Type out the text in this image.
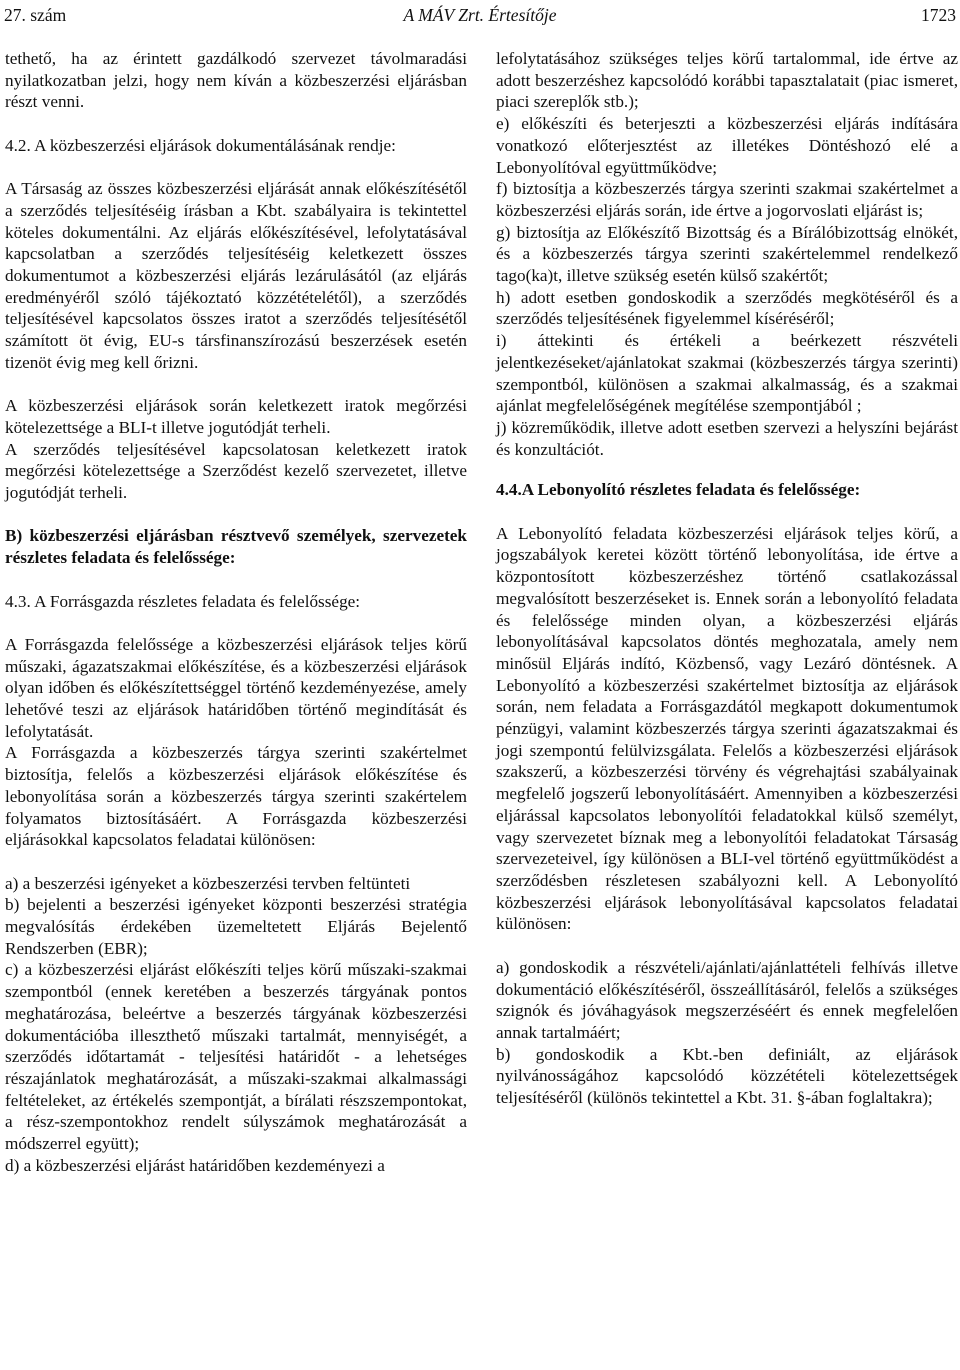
27. szám	A MÁV Zrt. Értesítője	1723

tethető, ha az érintett gazdálkodó szervezet távolmaradási nyilatkozatban jelzi, hogy nem kíván a közbeszerzési eljárásban részt venni.

4.2. A közbeszerzési eljárások dokumentálásának rendje:

A Társaság az összes közbeszerzési eljárását annak előkészítésétől a szerződés teljesítéséig írásban a Kbt. szabályaira is tekintettel köteles dokumentálni. Az eljárás előkészítésével, lefolytatásával kapcsolatban a szerződés teljesítéséig keletkezett összes dokumentumot a közbeszerzési eljárás lezárulásától (az eljárás eredményéről szóló tájékoztató közzétételétől), a szerződés teljesítésével kapcsolatos összes iratot a szerződés teljesítésétől számított öt évig, EU-s társfinanszírozású beszerzések esetén tizenöt évig meg kell őrizni.

A közbeszerzési eljárások során keletkezett iratok megőrzési kötelezettsége a BLI-t illetve jogutódját terheli.

A szerződés teljesítésével kapcsolatosan keletkezett iratok megőrzési kötelezettsége a Szerződést kezelő szervezetet, illetve jogutódját terheli.

B) közbeszerzési eljárásban résztvevő személyek, szervezetek részletes feladata és felelőssége:

4.3. A Forrásgazda részletes feladata és felelőssége:

A Forrásgazda felelőssége a közbeszerzési eljárások teljes körű műszaki, ágazatszakmai előkészítése, és a közbeszerzési eljárások olyan időben és előkészítettséggel történő kezdeményezése, amely lehetővé teszi az eljárások határidőben történő megindítását és lefolytatását.

A Forrásgazda a közbeszerzés tárgya szerinti szakértelmet biztosítja, felelős a közbeszerzési eljárások előkészítése és lebonyolítása során a közbeszerzés tárgya szerinti szakértelem folyamatos biztosításáért. A Forrásgazda közbeszerzési eljárásokkal kapcsolatos feladatai különösen:

a) a beszerzési igényeket a közbeszerzési tervben feltünteti

b) bejelenti a beszerzési igényeket központi beszerzési stratégia megvalósítás érdekében üzemeltetett Eljárás Bejelentő Rendszerben (EBR);

c) a közbeszerzési eljárást előkészíti teljes körű műszaki-szakmai szempontból (ennek keretében a beszerzés tárgyának pontos meghatározása, beleértve a beszerzés tárgyának közbeszerzési dokumentációba illeszthető műszaki tartalmát, mennyiségét, a szerződés időtartamát - teljesítési határidőt - a lehetséges részajánlatok meghatározását, a műszaki-szakmai alkalmassági feltételeket, az értékelés szempontját, a bírálati részszempontokat, a rész-szempontokhoz rendelt súlyszámok meghatározását a módszerrel együtt);

d) a közbeszerzési eljárást határidőben kezdeményezi a

lefolytatásához szükséges teljes körű tartalommal, ide értve az adott beszerzéshez kapcsolódó korábbi tapasztalatait (piac ismeret, piaci szereplők stb.);

e) előkészíti és beterjeszti a közbeszerzési eljárás indítására vonatkozó előterjesztést az illetékes Döntéshozó elé a Lebonyolítóval együttműködve;

f) biztosítja a közbeszerzés tárgya szerinti szakmai szakértelmet a közbeszerzési eljárás során, ide értve a jogorvoslati eljárást is;

g) biztosítja az Előkészítő Bizottság és a Bírálóbizottság elnökét, és a közbeszerzés tárgya szerinti szakértelemmel rendelkező tago(ka)t, illetve szükség esetén külső szakértőt;

h) adott esetben gondoskodik a szerződés megkötéséről és a szerződés teljesítésének figyelemmel kíséréséről;

i) áttekinti és értékeli a beérkezett részvételi jelentkezéseket/ajánlatokat szakmai (közbeszerzés tárgya szerinti) szempontból, különösen a szakmai alkalmasság, és a szakmai ajánlat megfelelőségének megítélése szempontjából ;

j) közreműködik, illetve adott esetben szervezi a helyszíni bejárást és konzultációt.

4.4.A Lebonyolító részletes feladata és felelőssége:

A Lebonyolító feladata közbeszerzési eljárások teljes körű, a jogszabályok keretei között történő lebonyolítása, ide értve a központosított közbeszerzéshez történő csatlakozással megvalósított beszerzéseket is. Ennek során a lebonyolító feladata és felelőssége minden olyan, a közbeszerzési eljárás lebonyolításával kapcsolatos döntés meghozatala, amely nem minősül Eljárás indító, Közbenső, vagy Lezáró döntésnek. A Lebonyolító a közbeszerzési szakértelmet biztosítja az eljárások során, nem feladata a Forrásgazdától megkapott dokumentumok pénzügyi, valamint közbeszerzés tárgya szerinti ágazatszakmai és jogi szempontú felülvizsgálata. Felelős a közbeszerzési eljárások szakszerű, a közbeszerzési törvény és végrehajtási szabályainak megfelelő jogszerű lebonyolításáért. Amennyiben a közbeszerzési eljárással kapcsolatos lebonyolítói feladatokkal külső személyt, vagy szervezetet bíznak meg a lebonyolítói feladatokat Társaság szervezeteivel, így különösen a BLI-vel történő együttműködést a szerződésben részletesen szabályozni kell. A Lebonyolító közbeszerzési eljárások lebonyolításával kapcsolatos feladatai különösen:

a) gondoskodik a részvételi/ajánlati/ajánlattételi felhívás illetve dokumentáció előkészítéséről, összeállításáról, felelős a szükséges szignók és jóváhagyások megszerzéséért és ennek megfelelően annak tartalmáért;

b) gondoskodik a Kbt.-ben definiált, az eljárások nyilvánosságához kapcsolódó közzétételi kötelezettségek teljesítéséről (különös tekintettel a Kbt. 31. §-ában foglaltakra);
